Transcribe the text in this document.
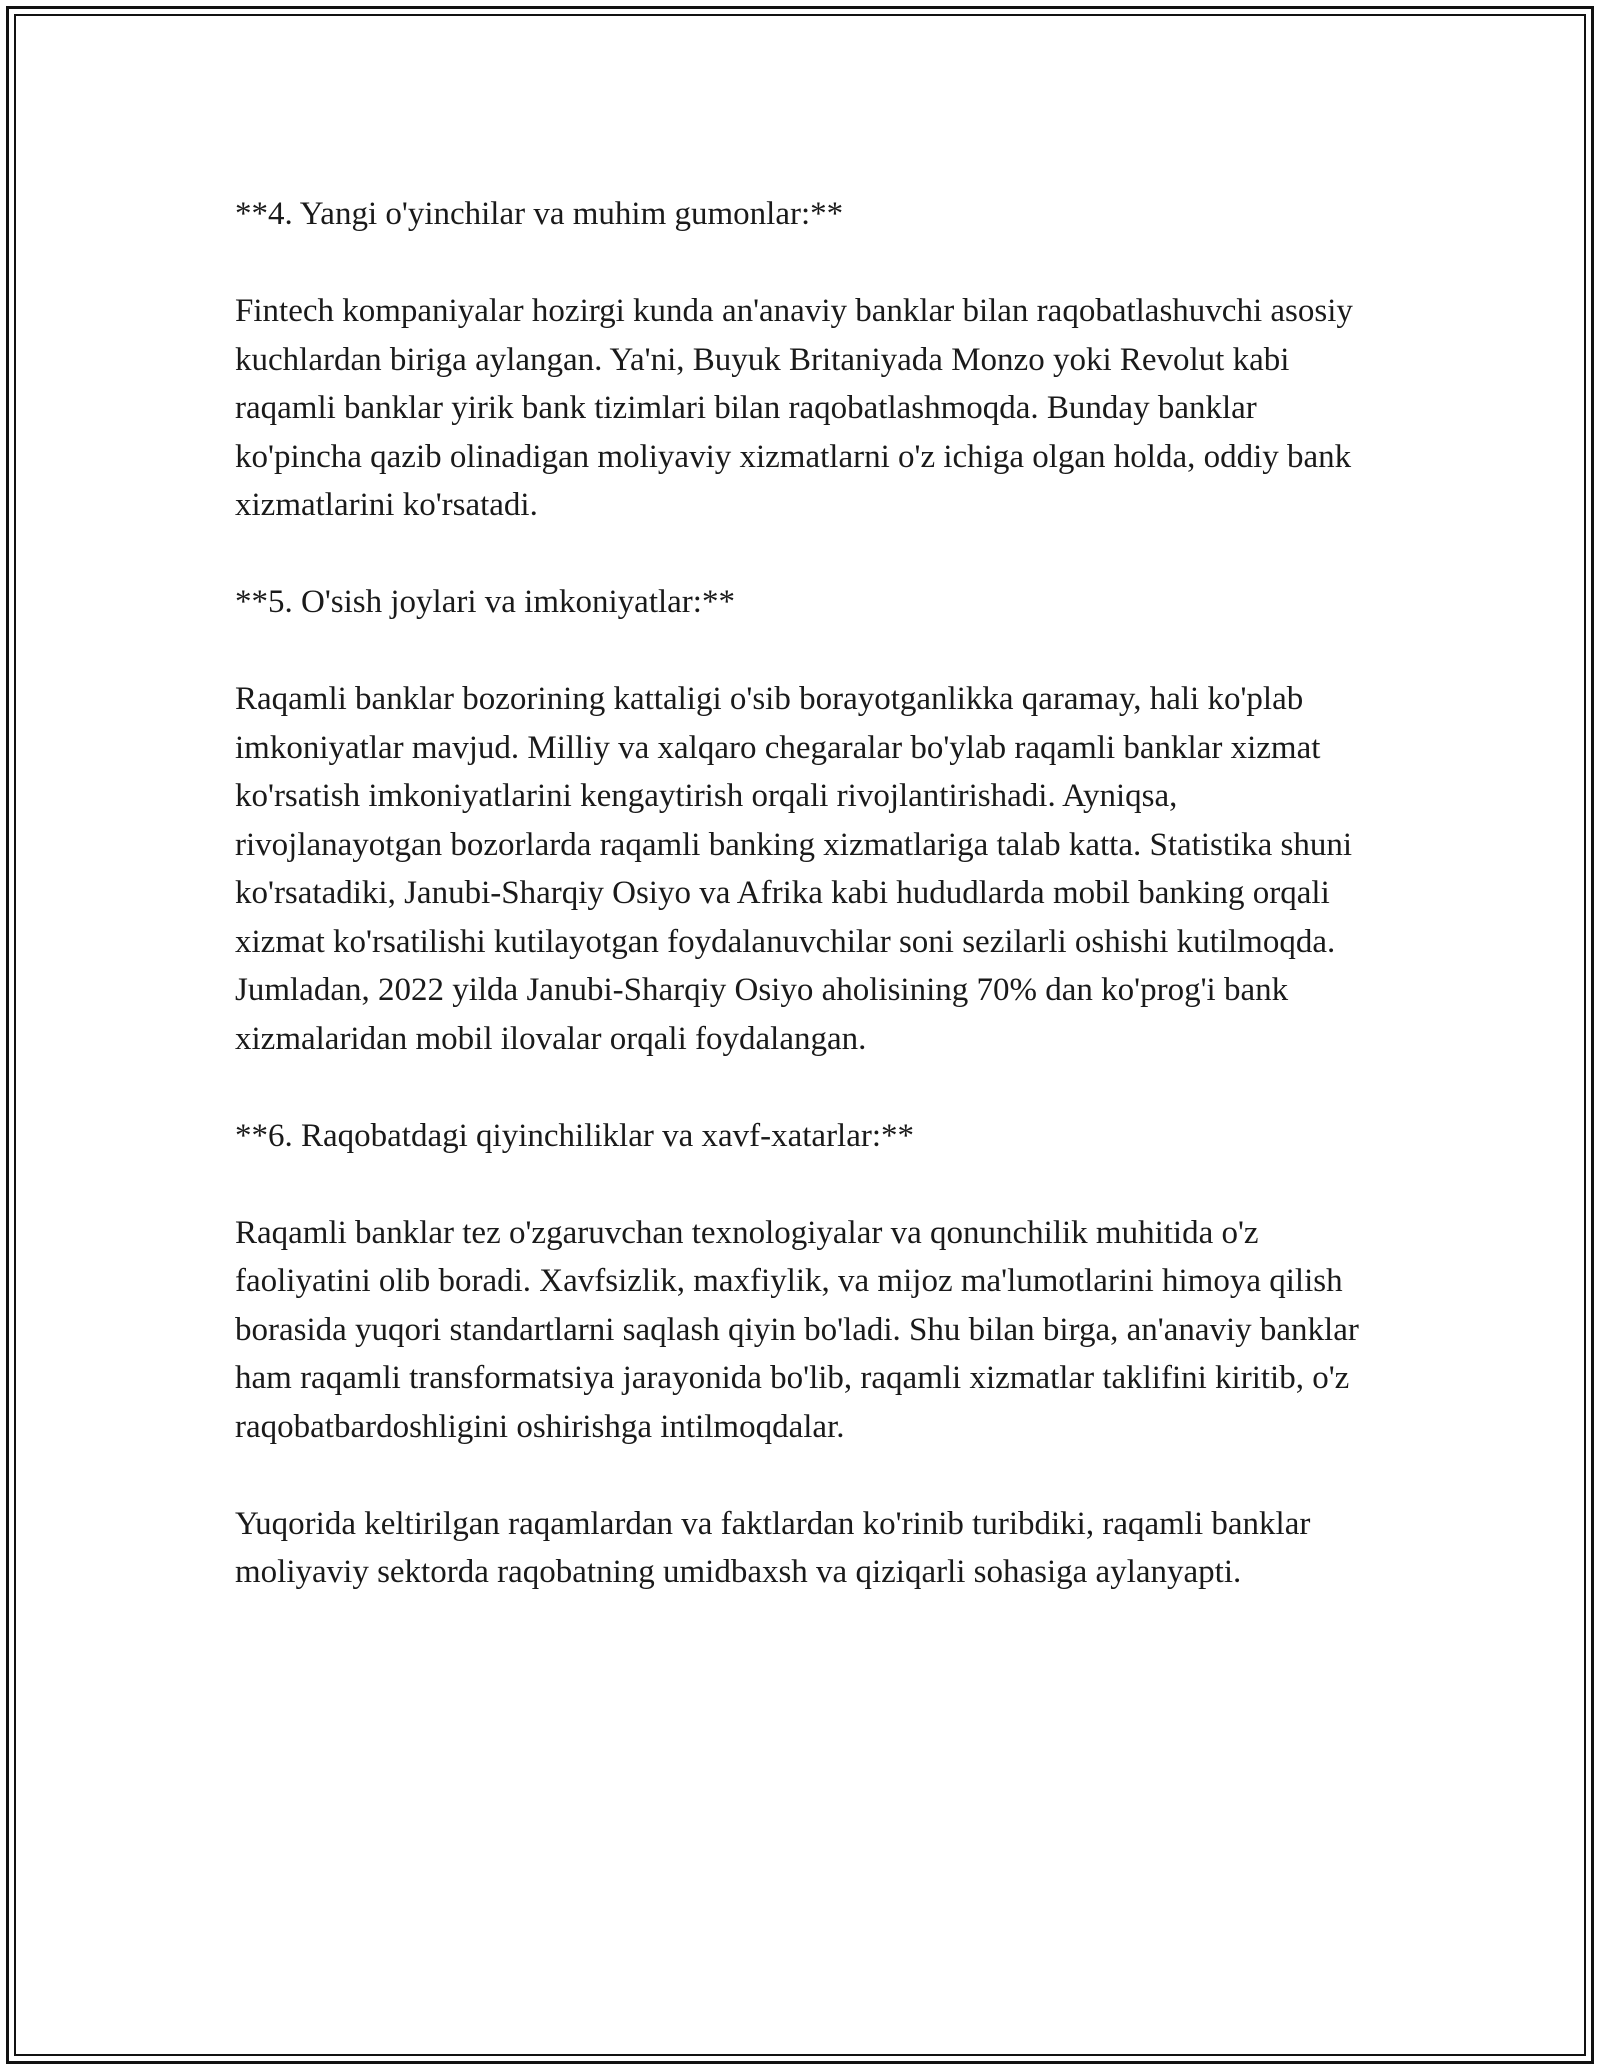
**4. Yangi o'yinchilar va muhim gumonlar:**

Fintech kompaniyalar hozirgi kunda an'anaviy banklar bilan raqobatlashuvchi asosiy kuchlardan biriga aylangan. Ya'ni, Buyuk Britaniyada Monzo yoki Revolut kabi raqamli banklar yirik bank tizimlari bilan raqobatlashmoqda. Bunday banklar ko'pincha qazib olinadigan moliyaviy xizmatlarni o'z ichiga olgan holda, oddiy bank xizmatlarini ko'rsatadi.

**5. O'sish joylari va imkoniyatlar:**

Raqamli banklar bozorining kattaligi o'sib borayotganlikka qaramay, hali ko'plab imkoniyatlar mavjud. Milliy va xalqaro chegaralar bo'ylab raqamli banklar xizmat ko'rsatish imkoniyatlarini kengaytirish orqali rivojlantirishadi. Ayniqsa, rivojlanayotgan bozorlarda raqamli banking xizmatlariga talab katta. Statistika shuni ko'rsatadiki, Janubi-Sharqiy Osiyo va Afrika kabi hududlarda mobil banking orqali xizmat ko'rsatilishi kutilayotgan foydalanuvchilar soni sezilarli oshishi kutilmoqda. Jumladan, 2022 yilda Janubi-Sharqiy Osiyo aholisining 70% dan ko'prog'i bank xizmalaridan mobil ilovalar orqali foydalangan.

**6. Raqobatdagi qiyinchiliklar va xavf-xatarlar:**

Raqamli banklar tez o'zgaruvchan texnologiyalar va qonunchilik muhitida o'z faoliyatini olib boradi. Xavfsizlik, maxfiylik, va mijoz ma'lumotlarini himoya qilish borasida yuqori standartlarni saqlash qiyin bo'ladi. Shu bilan birga, an'anaviy banklar ham raqamli transformatsiya jarayonida bo'lib, raqamli xizmatlar taklifini kiritib, o'z raqobatbardoshligini oshirishga intilmoqdalar.

Yuqorida keltirilgan raqamlardan va faktlardan ko'rinib turibdiki, raqamli banklar moliyaviy sektorda raqobatning umidbaxsh va qiziqarli sohasiga aylanyapti.
